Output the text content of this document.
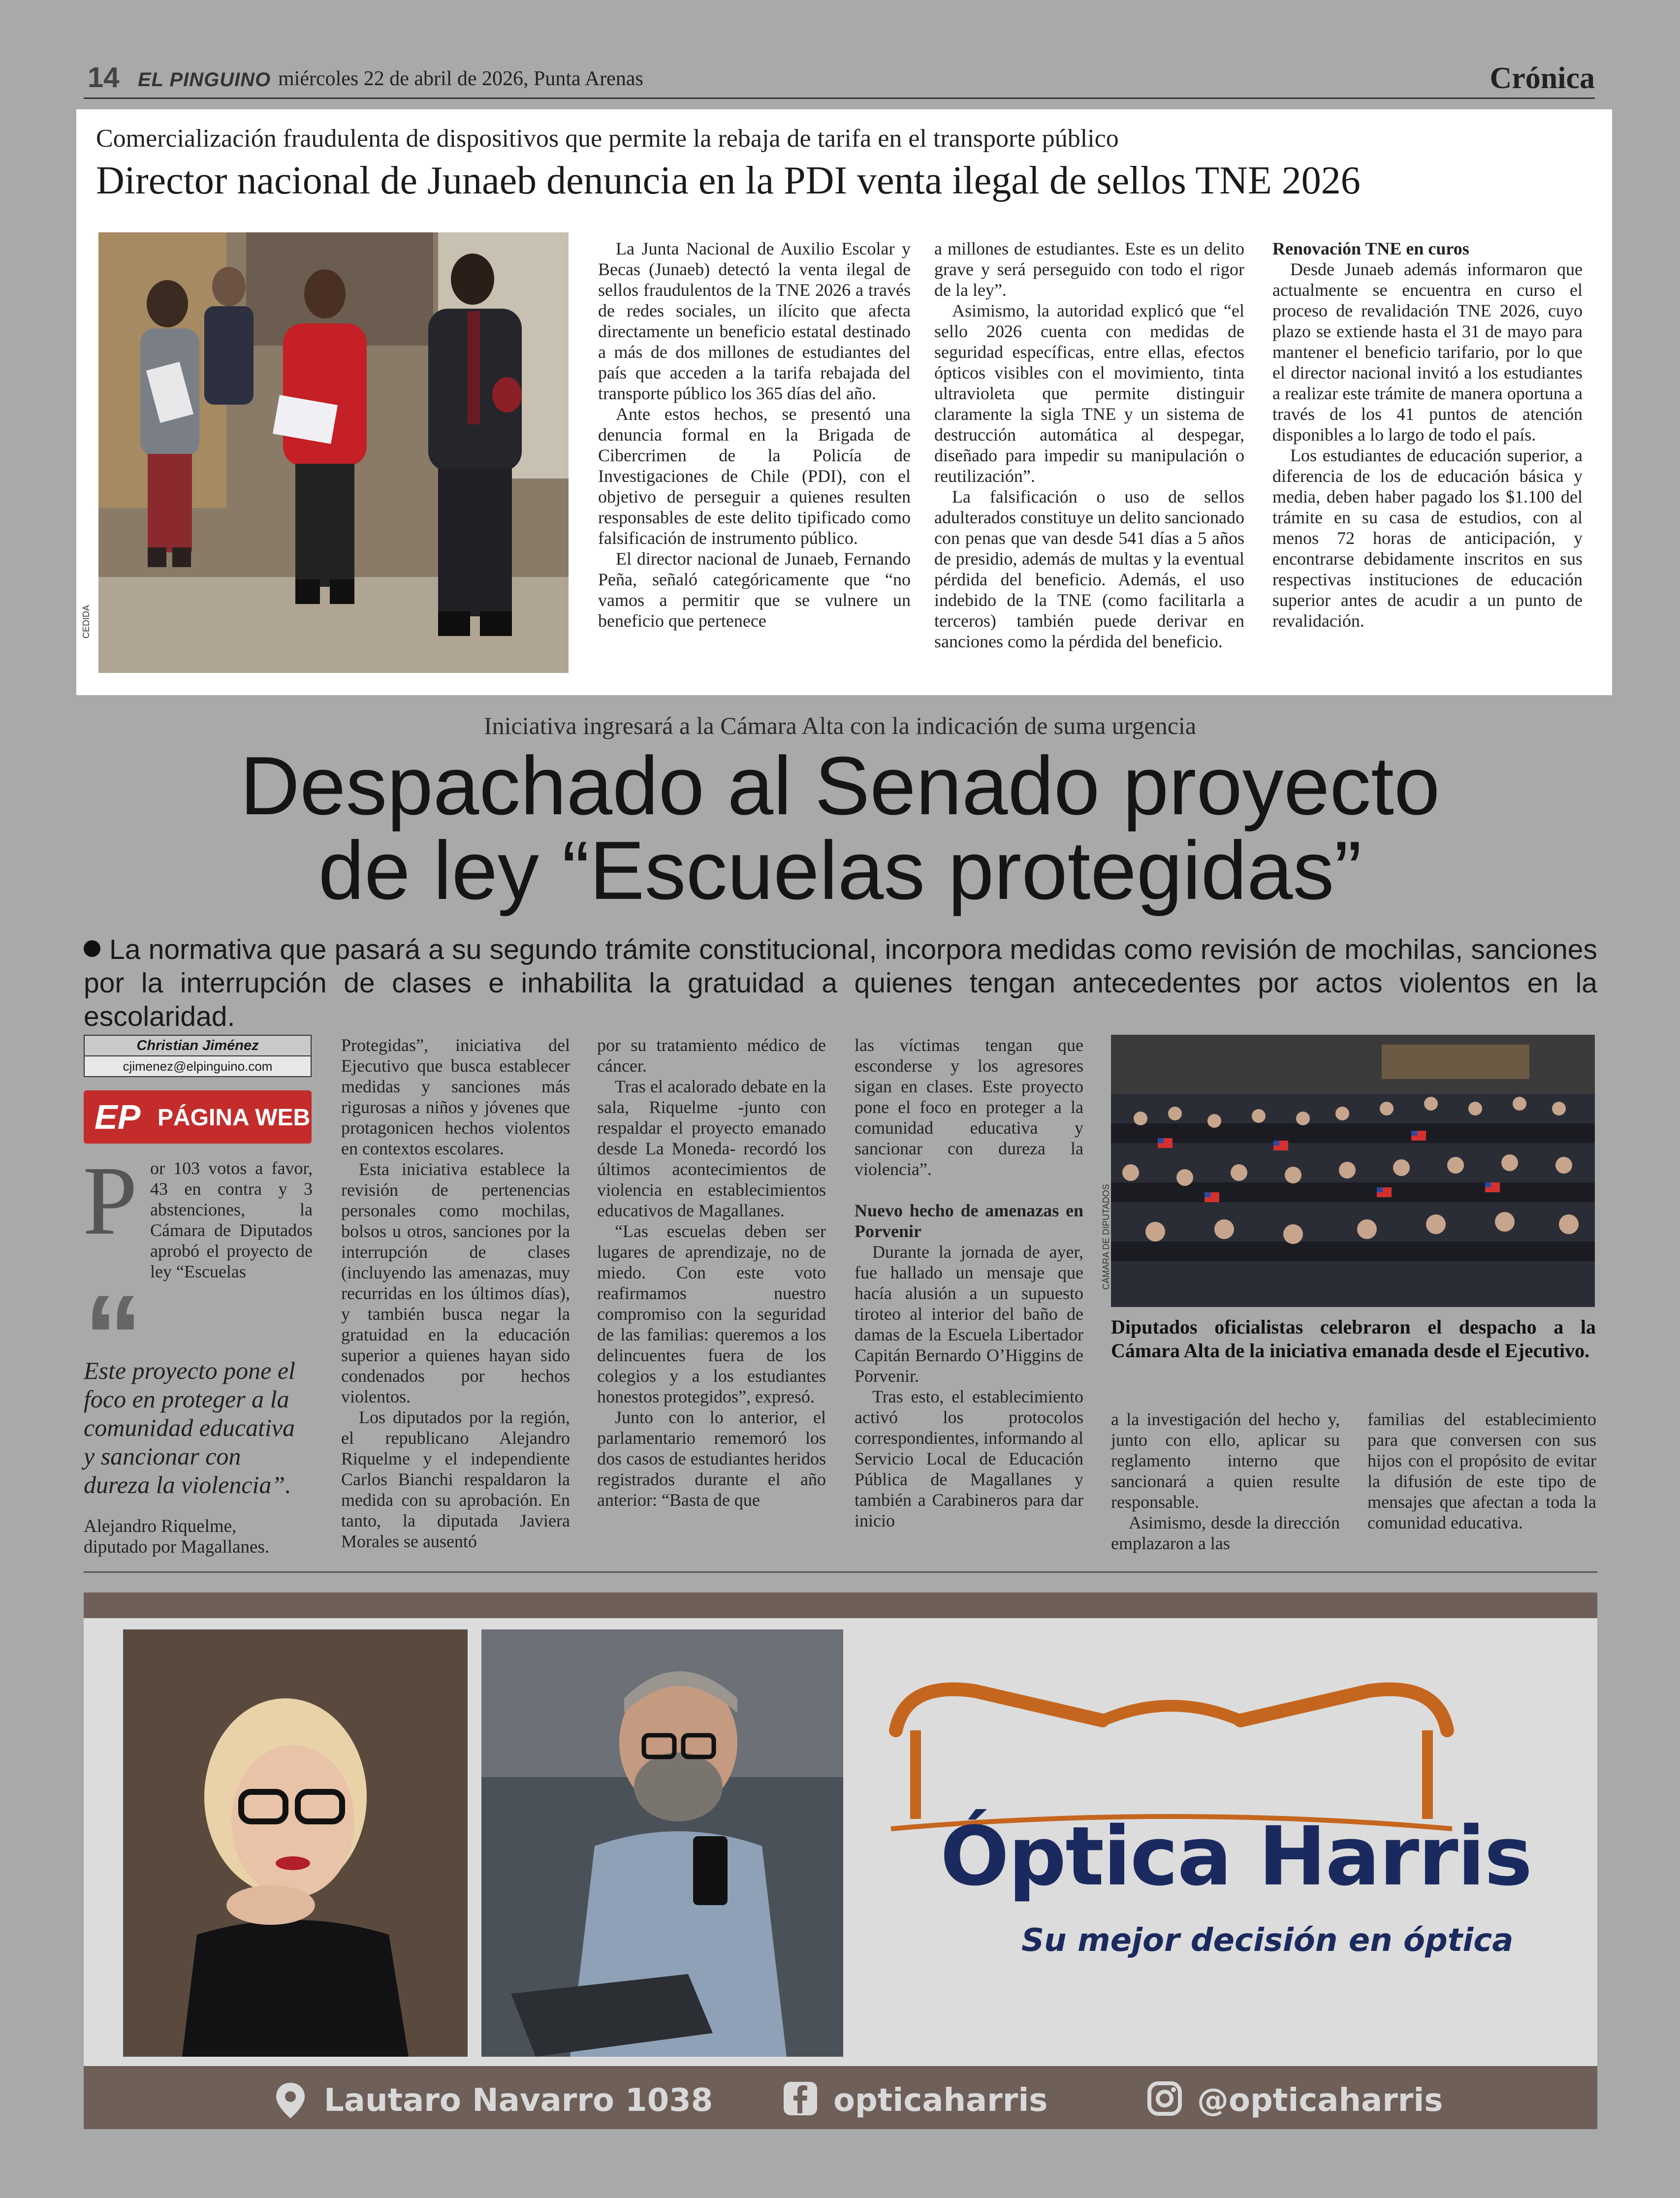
14 EL PINGUINO miércoles 22 de abril de 2026, Punta Arenas	Crónica
Comercialización fraudulenta de dispositivos que permite la rebaja de tarifa en el transporte público
Director nacional de Junaeb denuncia en la PDI venta ilegal de sellos TNE 2026
CEDIDA

La Junta Nacional de Auxilio Escolar y Becas (Junaeb) detectó la venta ilegal de sellos fraudulentos de la TNE 2026 a través de redes sociales, un ilícito que afecta directamente un beneficio estatal destinado a más de dos millones de estudiantes del país que acceden a la tarifa rebajada del transporte público los 365 días del año.

Ante estos hechos, se presentó una denuncia formal en la Brigada de Cibercrimen de la Policía de Investigaciones de Chile (PDI), con el objetivo de perseguir a quienes resulten responsables de este delito tipificado como falsificación de instrumento público.

El director nacional de Junaeb, Fernando Peña, señaló categóricamente que “no vamos a permitir que se vulnere un beneficio que pertenece

a millones de estudiantes. Este es un delito grave y será perseguido con todo el rigor de la ley”.

Asimismo, la autoridad explicó que “el sello 2026 cuenta con medidas de seguridad específicas, entre ellas, efectos ópticos visibles con el movimiento, tinta ultravioleta que permite distinguir claramente la sigla TNE y un sistema de destrucción automática al despegar, diseñado para impedir su manipulación o reutilización”.

La falsificación o uso de sellos adulterados constituye un delito sancionado con penas que van desde 541 días a 5 años de presidio, además de multas y la eventual pérdida del beneficio. Además, el uso indebido de la TNE (como facilitarla a terceros) también puede derivar en sanciones como la pérdida del beneficio.

Renovación TNE en curos

Desde Junaeb además informaron que actualmente se encuentra en curso el proceso de revalidación TNE 2026, cuyo plazo se extiende hasta el 31 de mayo para mantener el beneficio tarifario, por lo que el director nacional invitó a los estudiantes a realizar este trámite de manera oportuna a través de los 41 puntos de atención disponibles a lo largo de todo el país.

Los estudiantes de educación superior, a diferencia de los de educación básica y media, deben haber pagado los $1.100 del trámite en su casa de estudios, con al menos 72 horas de anticipación, y encontrarse debidamente inscritos en sus respectivas instituciones de educación superior antes de acudir a un punto de revalidación.

Iniciativa ingresará a la Cámara Alta con la indicación de suma urgencia
Despachado al Senado proyecto
de ley “Escuelas protegidas”
La normativa que pasará a su segundo trámite constitucional, incorpora medidas como revisión de mochilas, sanciones por la interrupción de clases e inhabilita la gratuidad a quienes tengan antecedentes por actos violentos en la escolaridad.
Christian Jiménez
cjimenez@elpinguino.com
EP PÁGINA WEB
P or 103 votos a favor, 43 en contra y 3 abstenciones, la Cámara de Diputados aprobó el proyecto de ley “Escuelas

“
Este proyecto pone el foco en proteger a la comunidad educativa y sancionar con dureza la violencia”.
Alejandro Riquelme,
diputado por Magallanes.

Protegidas”, iniciativa del Ejecutivo que busca establecer medidas y sanciones más rigurosas a niños y jóvenes que protagonicen hechos violentos en contextos escolares.

Esta iniciativa establece la revisión de pertenencias personales como mochilas, bolsos u otros, sanciones por la interrupción de clases (incluyendo las amenazas, muy recurridas en los últimos días), y también busca negar la gratuidad en la educación superior a quienes hayan sido condenados por hechos violentos.

Los diputados por la región, el republicano Alejandro Riquelme y el independiente Carlos Bianchi respaldaron la medida con su aprobación. En tanto, la diputada Javiera Morales se ausentó

por su tratamiento médico de cáncer.

Tras el acalorado debate en la sala, Riquelme -junto con respaldar el proyecto emanado desde La Moneda- recordó los últimos acontecimientos de violencia en establecimientos educativos de Magallanes.

“Las escuelas deben ser lugares de aprendizaje, no de miedo. Con este voto reafirmamos nuestro compromiso con la seguridad de las familias: queremos a los delincuentes fuera de los colegios y a los estudiantes honestos protegidos”, expresó.

Junto con lo anterior, el parlamentario rememoró los dos casos de estudiantes heridos registrados durante el año anterior: “Basta de que

las víctimas tengan que esconderse y los agresores sigan en clases. Este proyecto pone el foco en proteger a la comunidad educativa y sancionar con dureza la violencia”.

Nuevo hecho de amenazas en Porvenir

Durante la jornada de ayer, fue hallado un mensaje que hacía alusión a un supuesto tiroteo al interior del baño de damas de la Escuela Libertador Capitán Bernardo O’Higgins de Porvenir.

Tras esto, el establecimiento activó los protocolos correspondientes, informando al Servicio Local de Educación Pública de Magallanes y también a Carabineros para dar inicio

CÁMARA DE DIPUTADOS
Diputados oficialistas celebraron el despacho a la Cámara Alta de la iniciativa emanada desde el Ejecutivo.

a la investigación del hecho y, junto con ello, aplicar su reglamento interno que sancionará a quien resulte responsable.

Asimismo, desde la dirección emplazaron a las

familias del establecimiento para que conversen con sus hijos con el propósito de evitar la difusión de este tipo de mensajes que afectan a toda la comunidad educativa.

Óptica Harris
Su mejor decisión en óptica
Lautaro Navarro 1038	opticaharris	@opticaharris
